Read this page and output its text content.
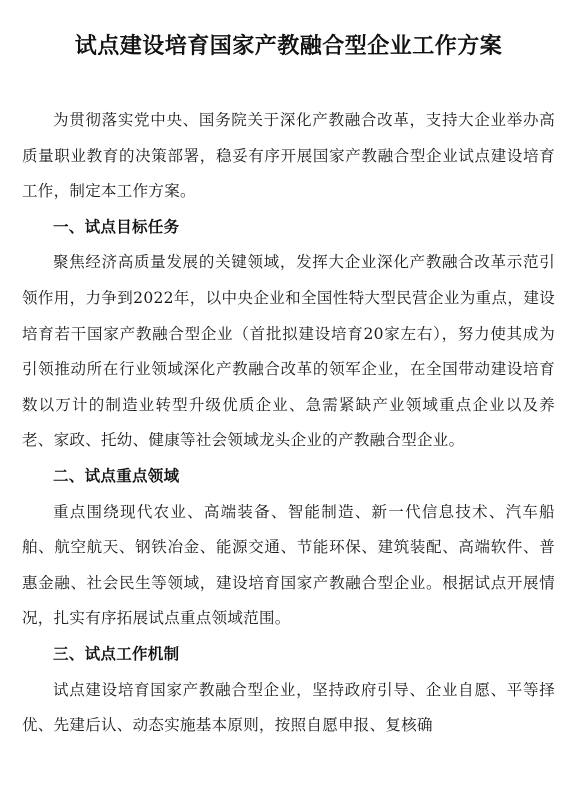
试点建设培育国家产教融合型企业工作方案

为贯彻落实党中央、国务院关于深化产教融合改革，支持大企业举办高质量职业教育的决策部署，稳妥有序开展国家产教融合型企业试点建设培育工作，制定本工作方案。

一、试点目标任务

聚焦经济高质量发展的关键领域，发挥大企业深化产教融合改革示范引领作用，力争到2022年，以中央企业和全国性特大型民营企业为重点，建设培育若干国家产教融合型企业（首批拟建设培育20家左右），努力使其成为引领推动所在行业领域深化产教融合改革的领军企业，在全国带动建设培育数以万计的制造业转型升级优质企业、急需紧缺产业领域重点企业以及养老、家政、托幼、健康等社会领域龙头企业的产教融合型企业。

二、试点重点领域

重点围绕现代农业、高端装备、智能制造、新一代信息技术、汽车船舶、航空航天、钢铁冶金、能源交通、节能环保、建筑装配、高端软件、普惠金融、社会民生等领域，建设培育国家产教融合型企业。根据试点开展情况，扎实有序拓展试点重点领域范围。

三、试点工作机制

试点建设培育国家产教融合型企业，坚持政府引导、企业自愿、平等择优、先建后认、动态实施基本原则，按照自愿申报、复核确
